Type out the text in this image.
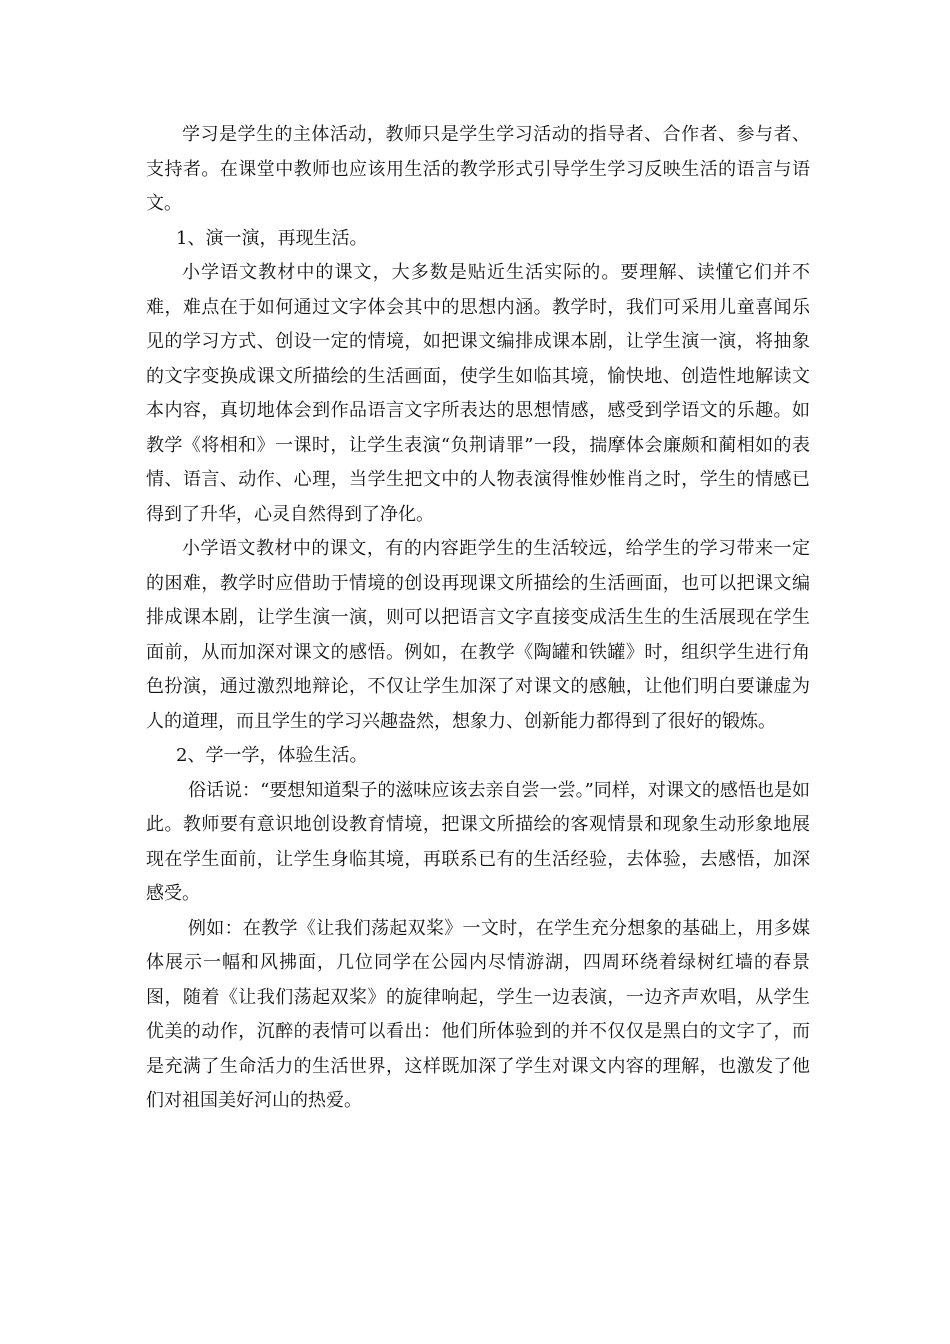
学习是学生的主体活动，教师只是学生学习活动的指导者、合作者、参与者、支持者。在课堂中教师也应该用生活的教学形式引导学生学习反映生活的语言与语文。

1、演一演，再现生活。

小学语文教材中的课文，大多数是贴近生活实际的。要理解、读懂它们并不难，难点在于如何通过文字体会其中的思想内涵。教学时，我们可采用儿童喜闻乐见的学习方式、创设一定的情境，如把课文编排成课本剧，让学生演一演，将抽象的文字变换成课文所描绘的生活画面，使学生如临其境，愉快地、创造性地解读文本内容，真切地体会到作品语言文字所表达的思想情感，感受到学语文的乐趣。如教学《将相和》一课时，让学生表演“负荆请罪”一段，揣摩体会廉颇和蔺相如的表情、语言、动作、心理，当学生把文中的人物表演得惟妙惟肖之时，学生的情感已得到了升华，心灵自然得到了净化。

小学语文教材中的课文，有的内容距学生的生活较远，给学生的学习带来一定的困难，教学时应借助于情境的创设再现课文所描绘的生活画面，也可以把课文编排成课本剧，让学生演一演，则可以把语言文字直接变成活生生的生活展现在学生面前，从而加深对课文的感悟。例如，在教学《陶罐和铁罐》时，组织学生进行角色扮演，通过激烈地辩论，不仅让学生加深了对课文的感触，让他们明白要谦虚为人的道理，而且学生的学习兴趣盎然，想象力、创新能力都得到了很好的锻炼。

2、学一学，体验生活。

俗话说：“要想知道梨子的滋味应该去亲自尝一尝。”同样，对课文的感悟也是如此。教师要有意识地创设教育情境，把课文所描绘的客观情景和现象生动形象地展现在学生面前，让学生身临其境，再联系已有的生活经验，去体验，去感悟，加深感受。

例如：在教学《让我们荡起双桨》一文时，在学生充分想象的基础上，用多媒体展示一幅和风拂面，几位同学在公园内尽情游湖，四周环绕着绿树红墙的春景图，随着《让我们荡起双桨》的旋律响起，学生一边表演，一边齐声欢唱，从学生优美的动作，沉醉的表情可以看出：他们所体验到的并不仅仅是黑白的文字了，而是充满了生命活力的生活世界，这样既加深了学生对课文内容的理解，也激发了他们对祖国美好河山的热爱。
